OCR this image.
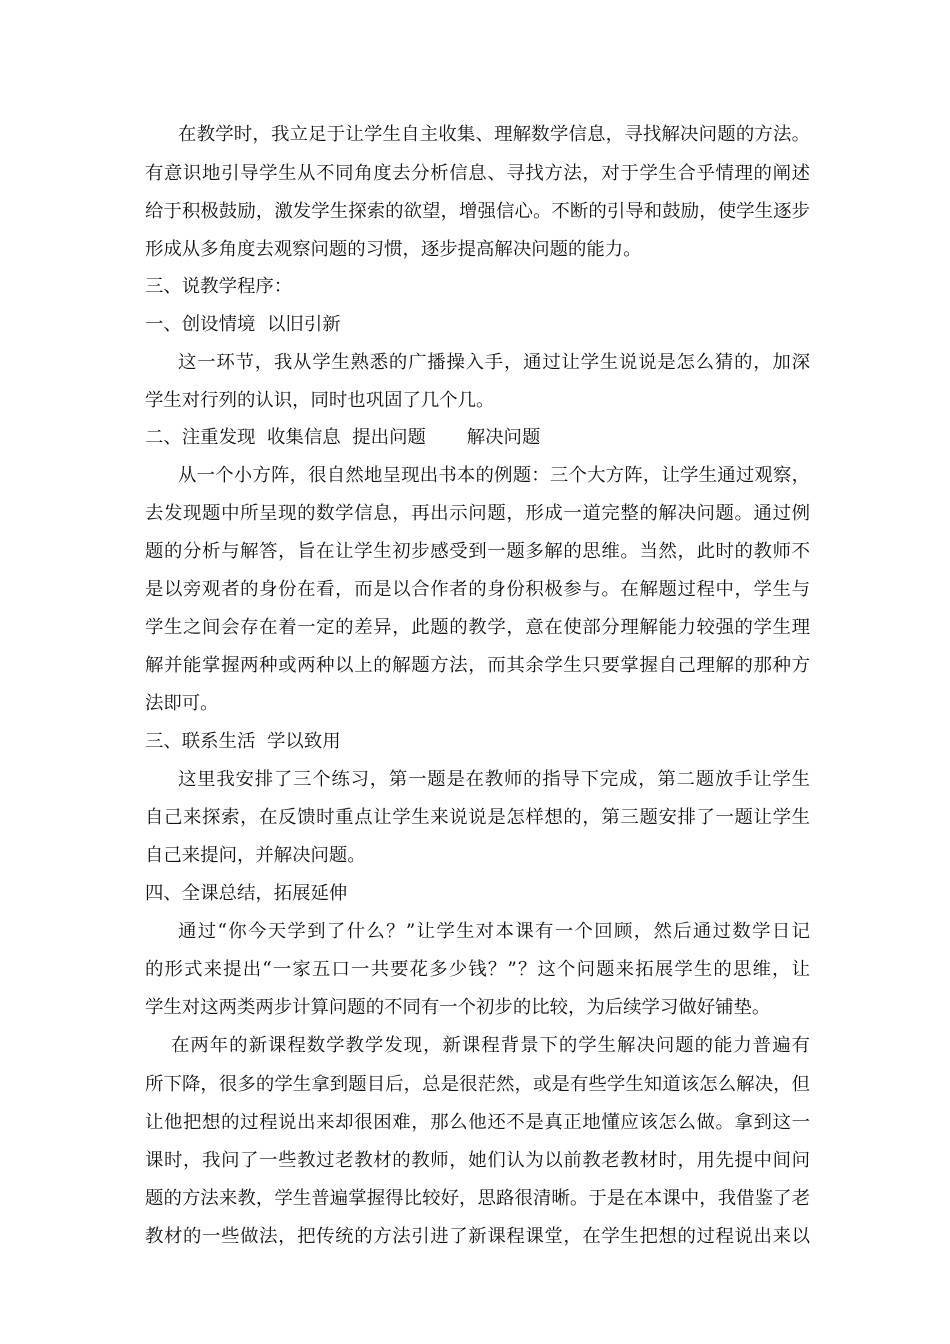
在教学时，我立足于让学生自主收集、理解数学信息，寻找解决问题的方法。
有意识地引导学生从不同角度去分析信息、寻找方法，对于学生合乎情理的阐述
给于积极鼓励，激发学生探索的欲望，增强信心。不断的引导和鼓励，使学生逐步
形成从多角度去观察问题的习惯，逐步提高解决问题的能力。
三、说教学程序：
一、创设情境  以旧引新
这一环节，我从学生熟悉的广播操入手，通过让学生说说是怎么猜的，加深
学生对行列的认识，同时也巩固了几个几。
二、注重发现  收集信息  提出问题       解决问题
从一个小方阵，很自然地呈现出书本的例题：三个大方阵，让学生通过观察，
去发现题中所呈现的数学信息，再出示问题，形成一道完整的解决问题。通过例
题的分析与解答，旨在让学生初步感受到一题多解的思维。当然，此时的教师不
是以旁观者的身份在看，而是以合作者的身份积极参与。在解题过程中，学生与
学生之间会存在着一定的差异，此题的教学，意在使部分理解能力较强的学生理
解并能掌握两种或两种以上的解题方法，而其余学生只要掌握自己理解的那种方
法即可。
三、联系生活  学以致用
这里我安排了三个练习，第一题是在教师的指导下完成，第二题放手让学生
自己来探索，在反馈时重点让学生来说说是怎样想的，第三题安排了一题让学生
自己来提问，并解决问题。
四、全课总结，拓展延伸
通过“你今天学到了什么？”让学生对本课有一个回顾，然后通过数学日记
的形式来提出“一家五口一共要花多少钱？”？这个问题来拓展学生的思维，让
学生对这两类两步计算问题的不同有一个初步的比较，为后续学习做好铺垫。
在两年的新课程数学教学发现，新课程背景下的学生解决问题的能力普遍有
所下降，很多的学生拿到题目后，总是很茫然，或是有些学生知道该怎么解决，但
让他把想的过程说出来却很困难，那么他还不是真正地懂应该怎么做。拿到这一
课时，我问了一些教过老教材的教师，她们认为以前教老教材时，用先提中间问
题的方法来教，学生普遍掌握得比较好，思路很清晰。于是在本课中，我借鉴了老
教材的一些做法，把传统的方法引进了新课程课堂，在学生把想的过程说出来以
